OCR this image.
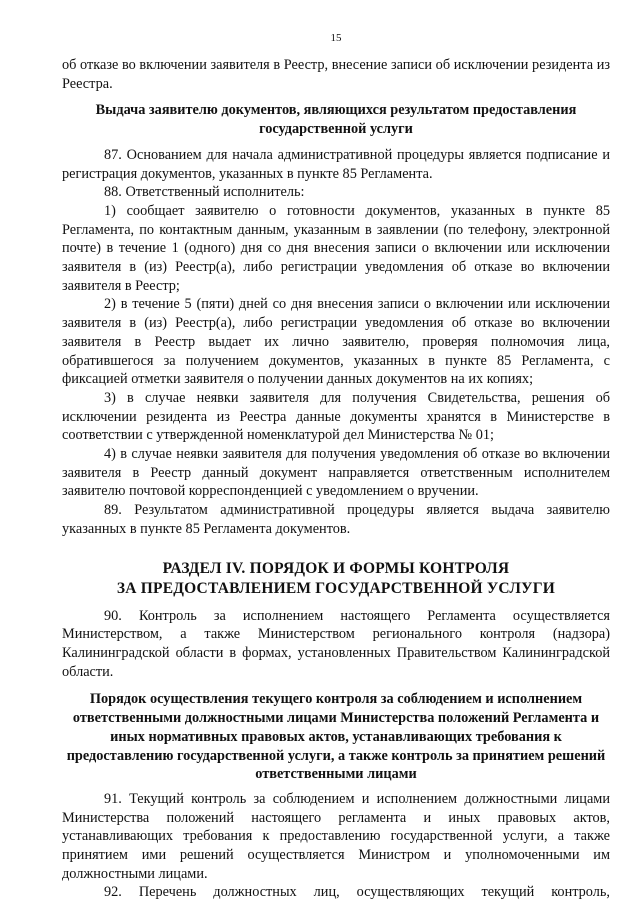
15

об отказе во включении заявителя в Реестр, внесение записи об исключении резидента из Реестра.

Выдача заявителю документов, являющихся результатом предоставления государственной услуги

87. Основанием для начала административной процедуры является подписание и регистрация документов, указанных в пункте 85 Регламента.

88. Ответственный исполнитель:

1) сообщает заявителю о готовности документов, указанных в пункте 85 Регламента, по контактным данным, указанным в заявлении (по телефону, электронной почте) в течение 1 (одного) дня со дня внесения записи о включении или исключении заявителя в (из) Реестр(а), либо регистрации уведомления об отказе во включении заявителя в Реестр;

2) в течение 5 (пяти) дней со дня внесения записи о включении или исключении заявителя в (из) Реестр(а), либо регистрации уведомления об отказе во включении заявителя в Реестр выдает их лично заявителю, проверяя полномочия лица, обратившегося за получением документов, указанных в пункте 85 Регламента, с фиксацией отметки заявителя о получении данных документов на их копиях;

3) в случае неявки заявителя для получения Свидетельства, решения об исключении резидента из Реестра данные документы хранятся в Министерстве в соответствии с утвержденной номенклатурой дел Министерства № 01;

4) в случае неявки заявителя для получения уведомления об отказе во включении заявителя в Реестр данный документ направляется ответственным исполнителем заявителю почтовой корреспонденцией с уведомлением о вручении.

89. Результатом административной процедуры является выдача заявителю указанных в пункте 85 Регламента документов.

РАЗДЕЛ IV. ПОРЯДОК И ФОРМЫ КОНТРОЛЯ
ЗА ПРЕДОСТАВЛЕНИЕМ ГОСУДАРСТВЕННОЙ УСЛУГИ

90. Контроль за исполнением настоящего Регламента осуществляется Министерством, а также Министерством регионального контроля (надзора) Калининградской области в формах, установленных Правительством Калининградской области.

Порядок осуществления текущего контроля за соблюдением и исполнением ответственными должностными лицами Министерства положений Регламента и иных нормативных правовых актов, устанавливающих требования к предоставлению государственной услуги, а также контроль за принятием решений ответственными лицами

91. Текущий контроль за соблюдением и исполнением должностными лицами Министерства положений настоящего регламента и иных правовых актов, устанавливающих требования к предоставлению государственной услуги, а также принятием ими решений осуществляется Министром и уполномоченными им должностными лицами.

92. Перечень должностных лиц, осуществляющих текущий контроль,
